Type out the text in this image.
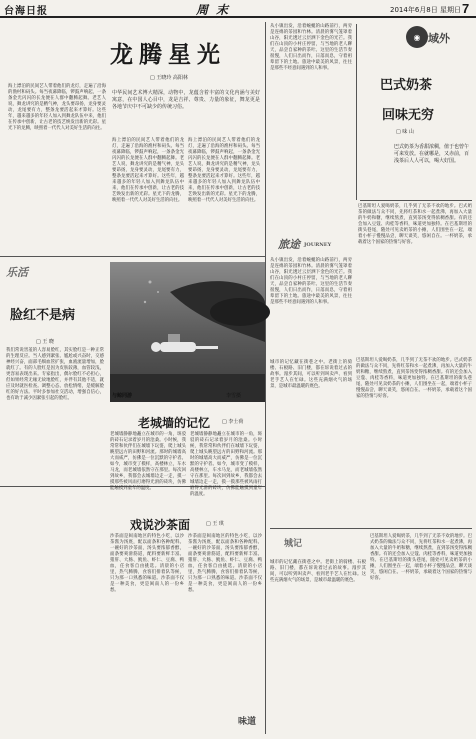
台海日报	周末	2014年6月8日 星期日 7
龙腾星光
□ 王晓玲 高阳林
海上漂泊的民间艺人带着他们的龙灯，走遍了沿海的渔村和码头。每当夜幕降临，锣鼓声响起，一条条金光闪闪的长龙便在人群中翻腾起舞。老艺人说，舞龙讲究的是精气神，龙头要昂扬，龙身要灵动，龙尾要有力，整条龙要活起来才算好。这些年，越来越多的年轻人加入到舞龙队伍中来，他们在传承中创新，让古老的技艺焕发出新的光彩。星光下的龙腾，映照着一代代人对美好生活的向往。
中华民间艺术博大精深，动物中，龙蕴含着丰富的文化内涵与美好寓意，在中国人心目中，龙是吉祥、尊贵、力量的象征，舞龙更是各地节庆中不可缺少的传统习俗。
海上漂泊的民间艺人带着他们的龙灯，走遍了沿海的渔村和码头。每当夜幕降临，锣鼓声响起，一条条金光闪闪的长龙便在人群中翻腾起舞。老艺人说，舞龙讲究的是精气神，龙头要昂扬，龙身要灵动，龙尾要有力，整条龙要活起来才算好。这些年，越来越多的年轻人加入到舞龙队伍中来，他们在传承中创新，让古老的技艺焕发出新的光彩。星光下的龙腾，映照着一代代人对美好生活的向往。
海上漂泊的民间艺人带着他们的龙灯，走遍了沿海的渔村和码头。每当夜幕降临，锣鼓声响起，一条条金光闪闪的长龙便在人群中翻腾起舞。老艺人说，舞龙讲究的是精气神，龙头要昂扬，龙身要灵动，龙尾要有力，整条龙要活起来才算好。这些年，越来越多的年轻人加入到舞龙队伍中来，他们在传承中创新，让古老的技艺焕发出新的光彩。星光下的龙腾，映照着一代代人对美好生活的向往。
乐活
脸红不是病
□ 王 晓
我们常说害羞的人容易脸红，其实脸红是一种正常的生理反应。当人感到紧张、尴尬或兴奋时，交感神经兴奋，面部毛细血管扩张，血液流量增加，脸就红了。有的人脸红是因为皮肤较薄，血管较浅，更容易表现出来。专家指出，偶尔脸红不必担心，但如果经常无缘无故地脸红，并伴有其他不适，就应及时就医检查。调整心态、放松情绪，是缓解脸红的好方法。平时多参加社交活动，增强自信心，也有助于减少因紧张引起的脸红。	与鲸同游	李雪摄
老城墙的记忆 □ 李士荷
老城墙静静地矗立在城市的一角，斑驳的砖石记录着岁月的沧桑。小时候，我常常和伙伴们在城墙下玩耍，爬上城头眺望远方的田野和河流。那时的城墙高大而威严，仿佛是一位沉默的守护者。如今，城市变了模样，高楼林立，车水马龙，而老城墙依然守在那里。每次回到故乡，我都会去城墙边走一走，摸一摸那些被风雨打磨得光滑的砖块，仿佛能触摸到童年的温度。
老城墙静静地矗立在城市的一角，斑驳的砖石记录着岁月的沧桑。小时候，我常常和伙伴们在城墙下玩耍，爬上城头眺望远方的田野和河流。那时的城墙高大而威严，仿佛是一位沉默的守护者。如今，城市变了模样，高楼林立，车水马龙，而老城墙依然守在那里。每次回到故乡，我都会去城墙边走一走，摸一摸那些被风雨打磨得光滑的砖块，仿佛能触摸到童年的温度。
戏说沙茶面	□ 王 琪
沙茶面是闽南地区的特色小吃，以沙茶酱为汤底，配以面条和各种配料。一碗好的沙茶面，汤头要浓郁香醇，面条要爽滑筋道，配料要新鲜丰富。猪肝、大肠、鱿鱼、虾仁、豆腐、鸭血，任食客自由挑选。清晨的小店里，热气腾腾，食客们排着队等候，只为那一口熟悉的味道。沙茶面不仅是一种美食，更是闽南人的一份乡愁。
沙茶面是闽南地区的特色小吃，以沙茶酱为汤底，配以面条和各种配料。一碗好的沙茶面，汤头要浓郁香醇，面条要爽滑筋道，配料要新鲜丰富。猪肝、大肠、鱿鱼、虾仁、豆腐、鸭血，任食客自由挑选。清晨的小店里，热气腾腾，食客们排着队等候，只为那一口熟悉的味道。沙茶面不仅是一种美食，更是闽南人的一份乡愁。
味道
从小镇出发，沿着蜿蜒的山路前行，两旁是连绵的茶园和竹林。清晨的雾气笼罩着山谷，阳光透过云层洒下金色的光芒。我们在山顶的小村庄停留，与当地的老人聊天，品尝自家种的茶叶。这里的生活节奏很慢，人们日出而作，日落而息，守着祖辈留下的土地。旅途中最美的风景，往往是那些不经意间遇到的人和事。
旅途 JOURNEY
从小镇出发，沿着蜿蜒的山路前行，两旁是连绵的茶园和竹林。清晨的雾气笼罩着山谷，阳光透过云层洒下金色的光芒。我们在山顶的小村庄停留，与当地的老人聊天，品尝自家种的茶叶。这里的生活节奏很慢，人们日出而作，日落而息，守着祖辈留下的土地。旅途中最美的风景，往往是那些不经意间遇到的人和事。
◉ 域外
巴式奶茶
回味无穷
□ 味 山
巴式奶茶为香甜浓稠，值于也曾午可来发放。在就哪是，又赤前，百浅茶后人人可以，喝大好国。
巴基斯坦人爱喝奶茶，几乎到了无茶不欢的地步。巴式奶茶的做法与众不同，先将红茶和水一起煮沸，再加入大量的牛奶和糖，继续熬煮，直到茶汤变得浓稠香甜。有的还会加入豆蔻、肉桂等香料，味道更加独特。在巴基斯坦的街头巷尾，随处可见卖奶茶的小摊，人们围坐在一起，端着小杯子慢慢品尝，聊天谈笑，悠闲自在。一杯奶茶，承载着这个国家的热情与好客。
巴基斯坦人爱喝奶茶，几乎到了无茶不欢的地步。巴式奶茶的做法与众不同，先将红茶和水一起煮沸，再加入大量的牛奶和糖，继续熬煮，直到茶汤变得浓稠香甜。有的还会加入豆蔻、肉桂等香料，味道更加独特。在巴基斯坦的街头巷尾，随处可见卖奶茶的小摊，人们围坐在一起，端着小杯子慢慢品尝，聊天谈笑，悠闲自在。一杯奶茶，承载着这个国家的热情与好客。
城市的记忆藏在街巷之中。老街上的骑楼、石板路、旧门楼，都在诉说着过去的故事。漫步其间，可以听到叫卖声、看到老手艺人在忙碌。这些充满烟火气的场景，是城市最温暖的底色。
城记
城市的记忆藏在街巷之中。老街上的骑楼、石板路、旧门楼，都在诉说着过去的故事。漫步其间，可以听到叫卖声、看到老手艺人在忙碌。这些充满烟火气的场景，是城市最温暖的底色。
巴基斯坦人爱喝奶茶，几乎到了无茶不欢的地步。巴式奶茶的做法与众不同，先将红茶和水一起煮沸，再加入大量的牛奶和糖，继续熬煮，直到茶汤变得浓稠香甜。有的还会加入豆蔻、肉桂等香料，味道更加独特。在巴基斯坦的街头巷尾，随处可见卖奶茶的小摊，人们围坐在一起，端着小杯子慢慢品尝，聊天谈笑，悠闲自在。一杯奶茶，承载着这个国家的热情与好客。
